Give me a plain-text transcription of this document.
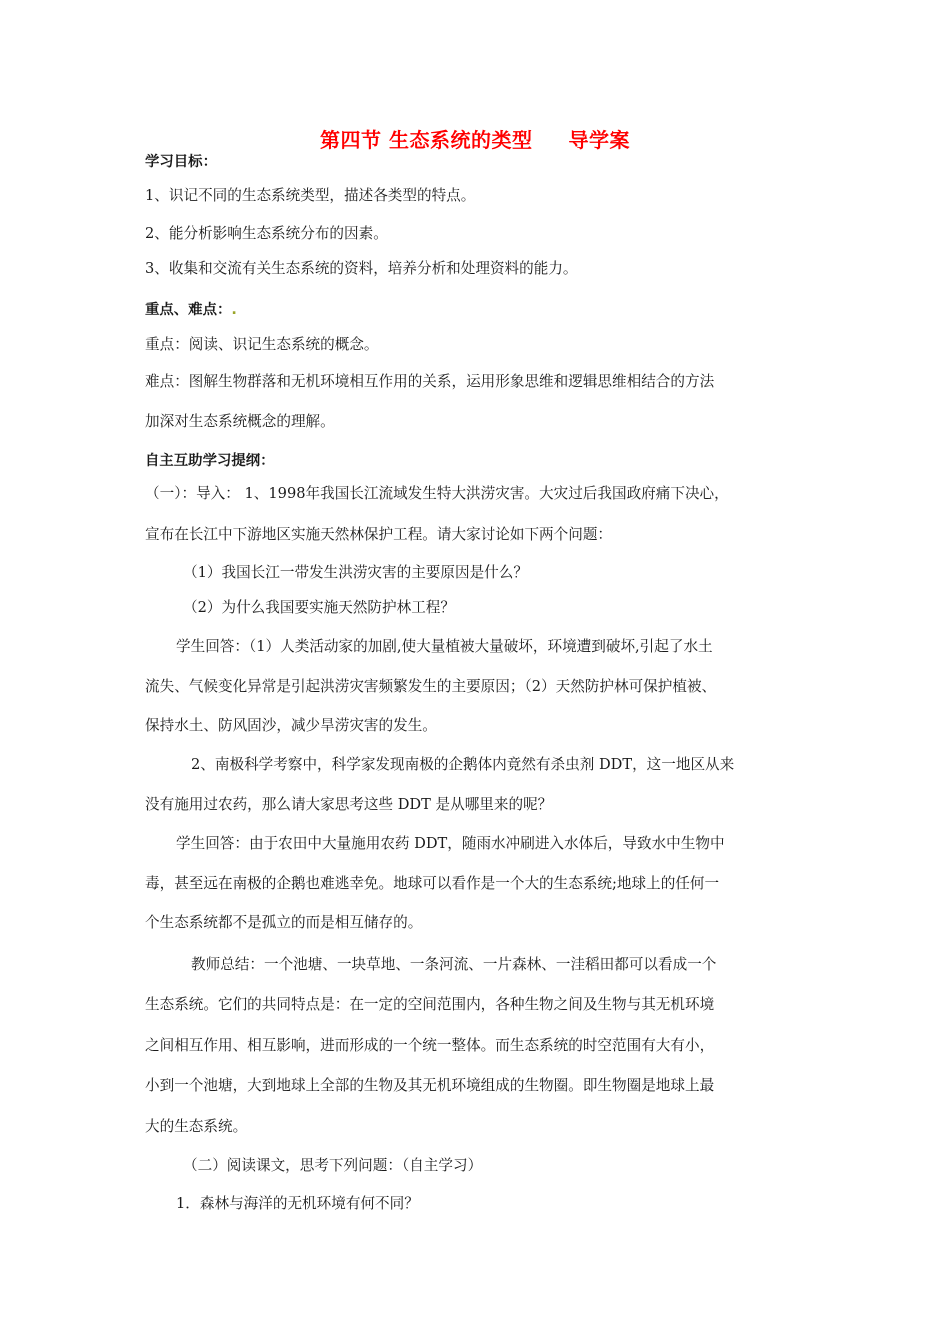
第四节 生态系统的类型 导学案
学习目标：
1、识记不同的生态系统类型，描述各类型的特点。
2、能分析影响生态系统分布的因素。
3、收集和交流有关生态系统的资料，培养分析和处理资料的能力。
重点、难点：.
重点：阅读、识记生态系统的概念。
难点：图解生物群落和无机环境相互作用的关系，运用形象思维和逻辑思维相结合的方法
加深对生态系统概念的理解。
自主互助学习提纲：
（一）：导入： 1、1998年我国长江流域发生特大洪涝灾害。大灾过后我国政府痛下决心，
宣布在长江中下游地区实施天然林保护工程。请大家讨论如下两个问题：
（1）我国长江一带发生洪涝灾害的主要原因是什么？
（2）为什么我国要实施天然防护林工程？
学生回答：（1）人类活动家的加剧,使大量植被大量破坏，环境遭到破坏,引起了水土
流失、气候变化异常是引起洪涝灾害频繁发生的主要原因；（2）天然防护林可保护植被、
保持水土、防风固沙，减少旱涝灾害的发生。
2、南极科学考察中，科学家发现南极的企鹅体内竟然有杀虫剂 DDT，这一地区从来
没有施用过农药，那么请大家思考这些 DDT 是从哪里来的呢？
学生回答：由于农田中大量施用农药 DDT，随雨水冲刷进入水体后，导致水中生物中
毒，甚至远在南极的企鹅也难逃幸免。地球可以看作是一个大的生态系统;地球上的任何一
个生态系统都不是孤立的而是相互储存的。
教师总结：一个池塘、一块草地、一条河流、一片森林、一洼稻田都可以看成一个
生态系统。它们的共同特点是：在一定的空间范围内，各种生物之间及生物与其无机环境
之间相互作用、相互影响，进而形成的一个统一整体。而生态系统的时空范围有大有小，
小到一个池塘，大到地球上全部的生物及其无机环境组成的生物圈。即生物圈是地球上最
大的生态系统。
（二）阅读课文，思考下列问题：（自主学习）
1．森林与海洋的无机环境有何不同？
